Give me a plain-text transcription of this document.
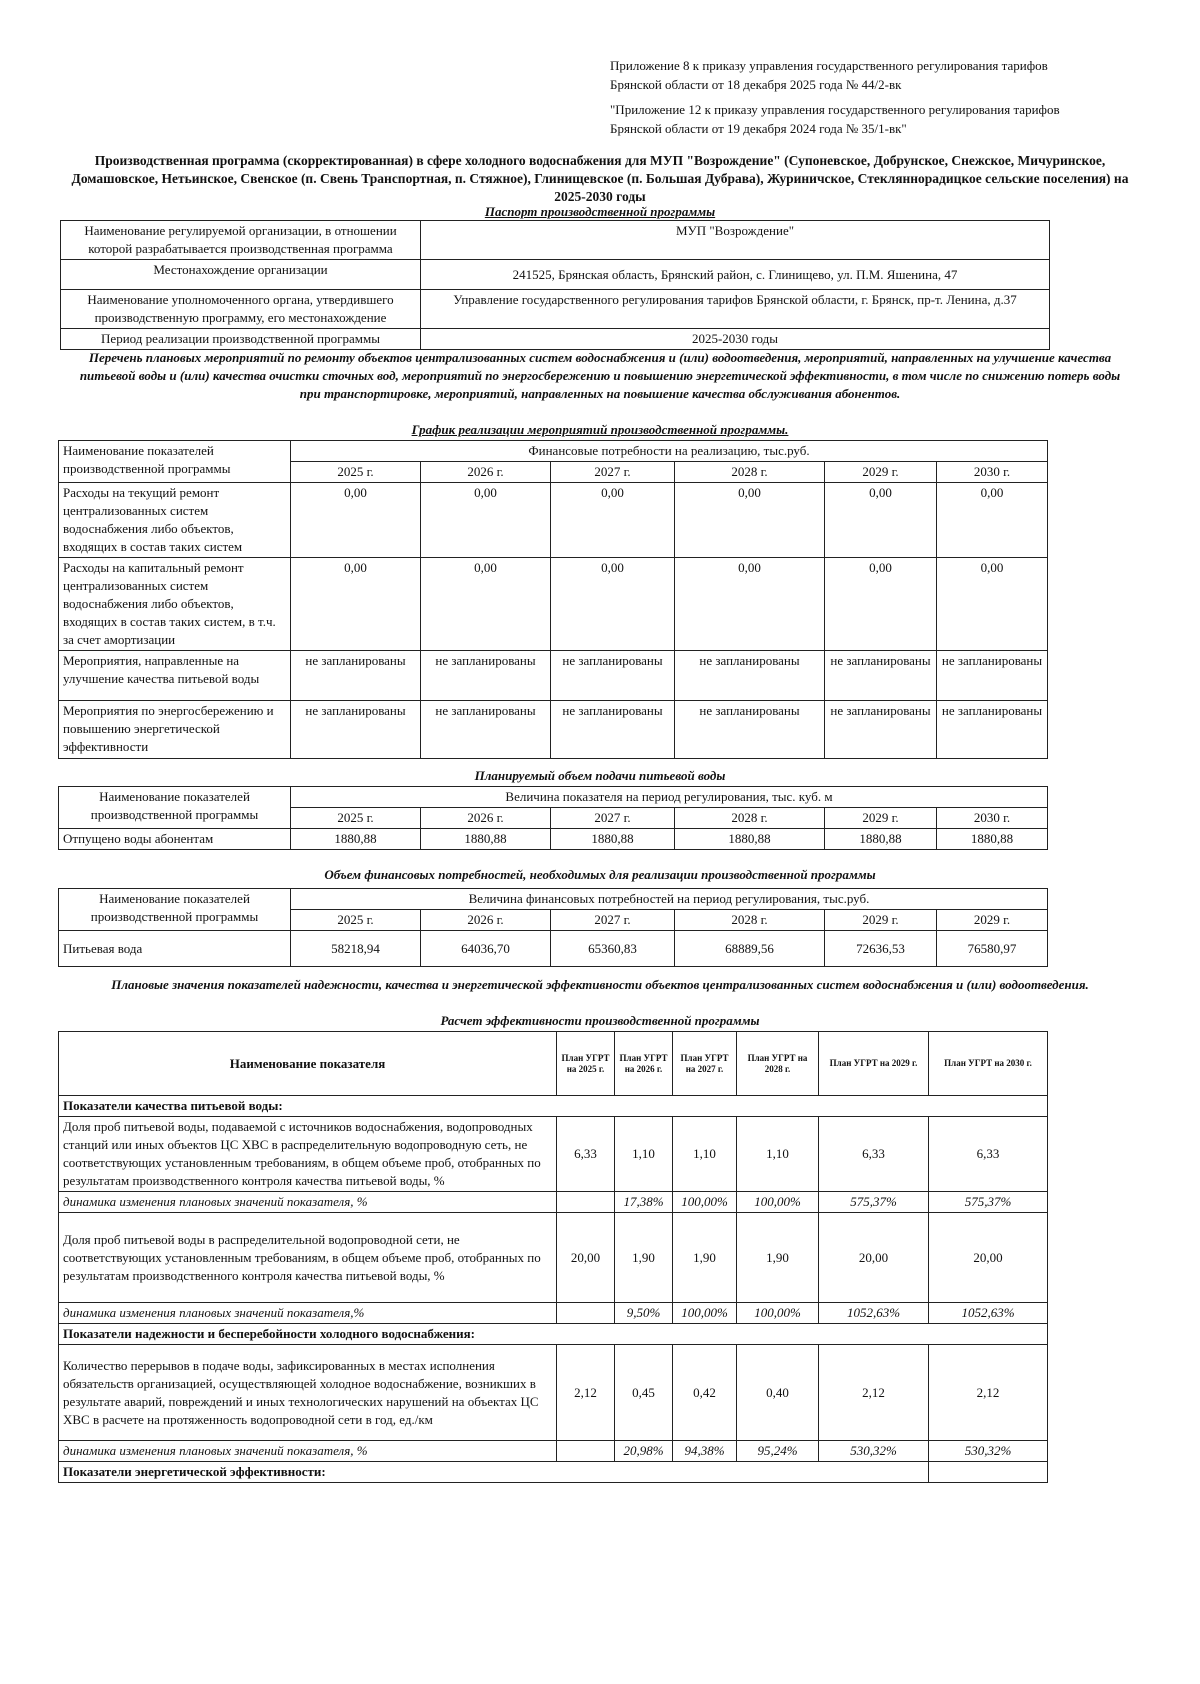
Приложение 8 к приказу управления государственного регулирования тарифов
Брянской области от 18 декабря 2025 года № 44/2-вк
"Приложение 12 к приказу управления государственного регулирования тарифов
Брянской области от 19 декабря 2024 года № 35/1-вк"
Производственная программа (скорректированная) в сфере холодного водоснабжения для МУП "Возрождение" (Супоневское, Добрунское, Снежское, Мичуринское, Домашовское, Нетьинское, Свенское (п. Свень Транспортная, п. Стяжное), Глинищевское (п. Большая Дубрава), Журиничское, Стекляннорадицкое сельские поселения) на 2025-2030 годы
Паспорт производственной программы
Наименование регулируемой организации, в отношении которой разрабатывается производственная программа	МУП "Возрождение"
Местонахождение организации	241525, Брянская область, Брянский район, с. Глинищево, ул. П.М. Яшенина, 47
Наименование уполномоченного органа, утвердившего производственную программу, его местонахождение	Управление государственного регулирования тарифов Брянской области, г. Брянск, пр-т. Ленина, д.37
Период реализации производственной программы	2025-2030 годы
Перечень плановых мероприятий по ремонту объектов централизованных систем водоснабжения и (или) водоотведения, мероприятий, направленных на улучшение качества питьевой воды и (или) качества очистки сточных вод, мероприятий по энергосбережению и повышению энергетической эффективности, в том числе по снижению потерь воды при транспортировке, мероприятий, направленных на повышение качества обслуживания абонентов.
График реализации мероприятий производственной программы.
Наименование показателей производственной программы	Финансовые потребности на реализацию, тыс.руб.					
	2025 г.	2026 г.	2027 г.	2028 г.	2029 г.	2030 г.
Расходы на текущий ремонт централизованных систем водоснабжения либо объектов, входящих в состав таких систем	0,00	0,00	0,00	0,00	0,00	0,00
Расходы на капитальный ремонт централизованных систем водоснабжения либо объектов, входящих в состав таких систем, в т.ч. за счет амортизации	0,00	0,00	0,00	0,00	0,00	0,00
Мероприятия, направленные на улучшение качества питьевой воды	не запланированы	не запланированы	не запланированы	не запланированы	не запланированы	не запланированы
Мероприятия по энергосбережению и повышению энергетической эффективности	не запланированы	не запланированы	не запланированы	не запланированы	не запланированы	не запланированы
Планируемый объем подачи питьевой воды
Наименование показателей производственной программы	Величина показателя на период регулирования, тыс. куб. м					
	2025 г.	2026 г.	2027 г.	2028 г.	2029 г.	2030 г.
Отпущено воды абонентам	1880,88	1880,88	1880,88	1880,88	1880,88	1880,88
Объем финансовых потребностей, необходимых для реализации производственной программы
Наименование показателей производственной программы	Величина финансовых потребностей на период регулирования, тыс.руб.					
	2025 г.	2026 г.	2027 г.	2028 г.	2029 г.	2029 г.
Питьевая вода	58218,94	64036,70	65360,83	68889,56	72636,53	76580,97
Плановые значения показателей надежности, качества и энергетической эффективности объектов централизованных систем водоснабжения и (или) водоотведения.
Расчет эффективности производственной программы
Наименование показателя	План УГРТ на 2025 г.	План УГРТ на 2026 г.	План УГРТ на 2027 г.	План УГРТ на 2028 г.	План УГРТ на 2029 г.	План УГРТ на 2030 г.
Показатели качества питьевой воды:						
Доля проб питьевой воды, подаваемой с источников водоснабжения, водопроводных станций или иных объектов ЦС ХВС в распределительную водопроводную сеть, не соответствующих установленным требованиям, в общем объеме проб, отобранных по результатам производственного контроля качества питьевой воды, %	6,33	1,10	1,10	1,10	6,33	6,33
динамика изменения плановых значений показателя, %		17,38%	100,00%	100,00%	575,37%	575,37%
Доля проб питьевой воды в распределительной водопроводной сети, не соответствующих установленным требованиям, в общем объеме проб, отобранных по результатам производственного контроля качества питьевой воды, %	20,00	1,90	1,90	1,90	20,00	20,00
динамика изменения плановых значений показателя,%		9,50%	100,00%	100,00%	1052,63%	1052,63%
Показатели надежности и бесперебойности холодного водоснабжения:						
Количество перерывов в подаче воды, зафиксированных в местах исполнения обязательств организацией, осуществляющей холодное водоснабжение, возникших в результате аварий, повреждений и иных технологических нарушений на объектах ЦС ХВС в расчете на протяженность водопроводной сети в год, ед./км	2,12	0,45	0,42	0,40	2,12	2,12
динамика изменения плановых значений показателя, %		20,98%	94,38%	95,24%	530,32%	530,32%
Показатели энергетической эффективности:						
